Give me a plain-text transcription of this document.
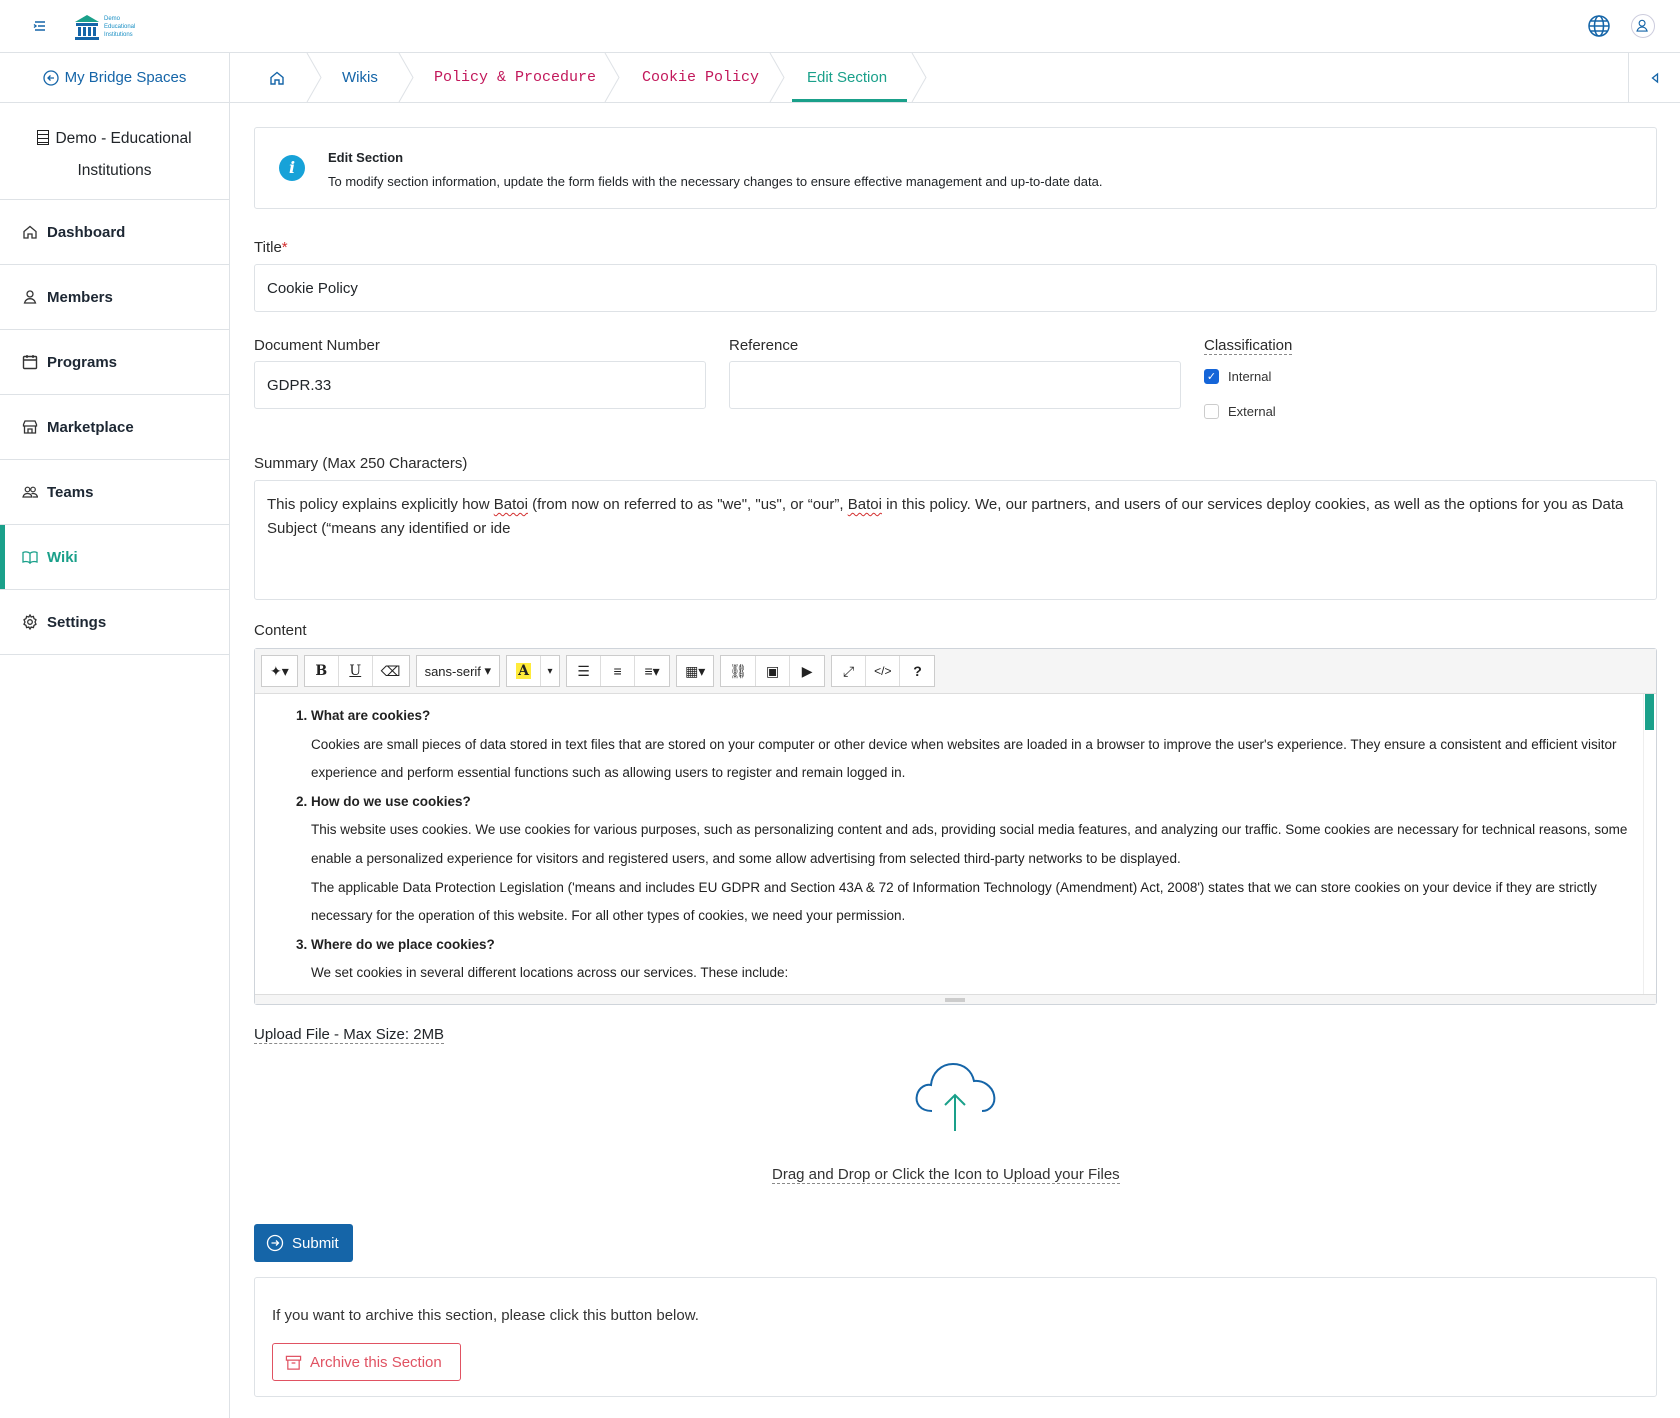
Demo
Educational
Institutions
My Bridge Spaces
Demo - Educational
Institutions
Dashboard
Members
Programs
Marketplace
Teams
Wiki
Settings
Wikis	Policy & Procedure	Cookie Policy	Edit Section
i
Edit Section
To modify section information, update the form fields with the necessary changes to ensure effective management and up-to-date data.
Title*
Cookie Policy
Document Number
GDPR.33
Reference	Classification
✓ Internal
External
Summary (Max 250 Characters)
This policy explains explicitly how Batoi (from now on referred to as "we", "us", or “our”, Batoi in this policy. We, our partners, and users of our services deploy cookies, as well as the options for you as Data Subject (“means any identified or ide
Content
✦▾	B	U	⌫	sans-serif ▾	A	▾	☰	≡	≡▾	▦▾	⛓	▣	▶	⤢	</>	?
1. What are cookies?

Cookies are small pieces of data stored in text files that are stored on your computer or other device when websites are loaded in a browser to improve the user's experience. They ensure a consistent and efficient visitor experience and perform essential functions such as allowing users to register and remain logged in.

2. How do we use cookies?

This website uses cookies. We use cookies for various purposes, such as personalizing content and ads, providing social media features, and analyzing our traffic. Some cookies are necessary for technical reasons, some enable a personalized experience for visitors and registered users, and some allow advertising from selected third-party networks to be displayed.

The applicable Data Protection Legislation ('means and includes EU GDPR and Section 43A & 72 of Information Technology (Amendment) Act, 2008') states that we can store cookies on your device if they are strictly necessary for the operation of this website. For all other types of cookies, we need your permission.

3. Where do we place cookies?

We set cookies in several different locations across our services. These include:

Upload File - Max Size: 2MB
Drag and Drop or Click the Icon to Upload your Files
Submit
If you want to archive this section, please click this button below.
Archive this Section
